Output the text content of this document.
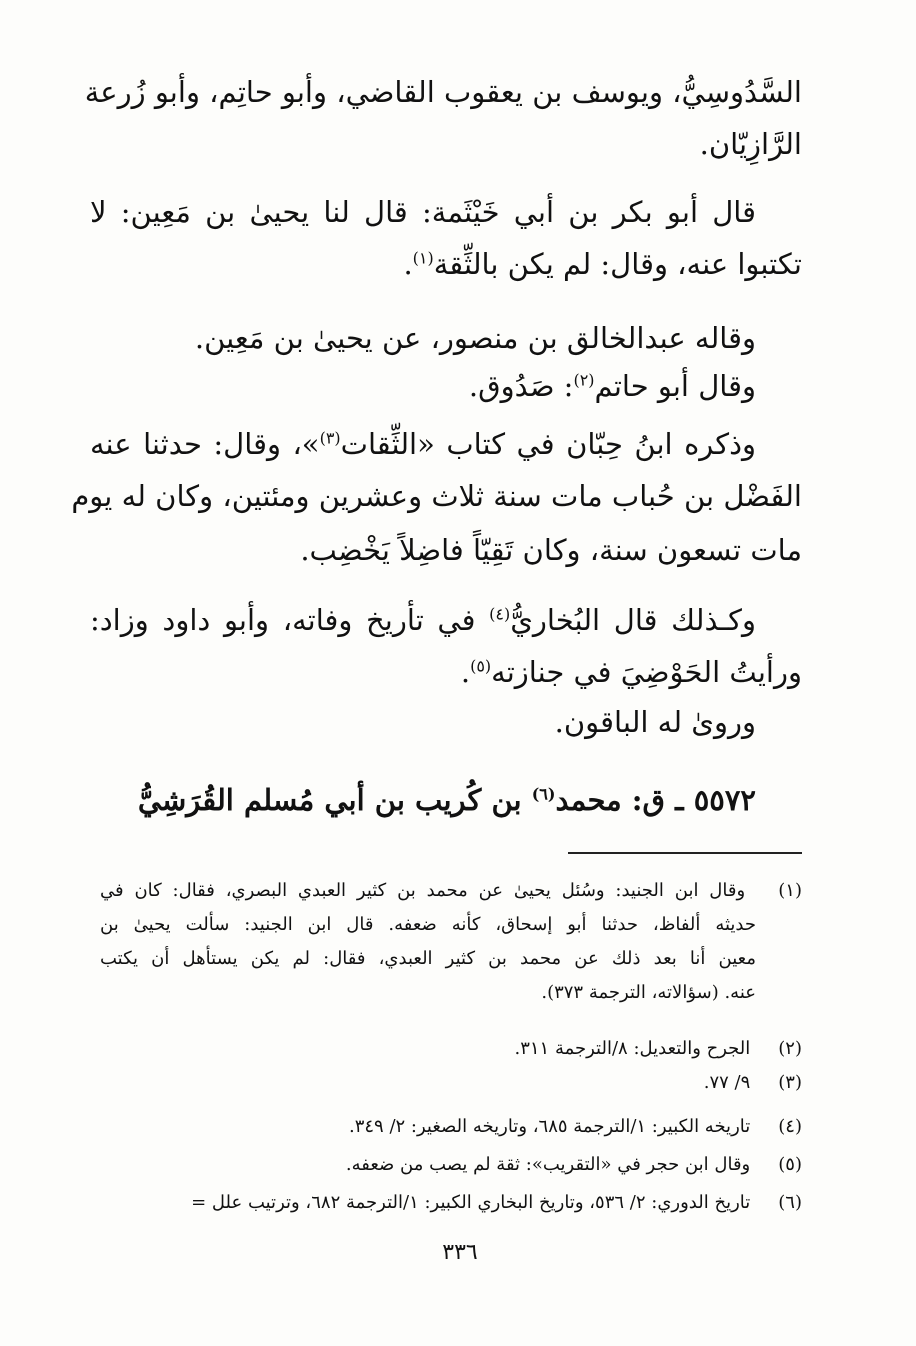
السَّدُوسِيُّ، ويوسف بن يعقوب القاضي، وأبو حاتِم، وأبو زُرعة
الرَّازِيّان.
قال أبو بكر بن أبي خَيْثَمة: قال لنا يحيىٰ بن مَعِين: لا
تكتبوا عنه، وقال: لم يكن بالثِّقة$^{(١)}$.
وقاله عبدالخالق بن منصور، عن يحيىٰ بن مَعِين.
وقال أبو حاتم$^{(٢)}$: صَدُوق.
وذكره ابنُ حِبّان في كتاب «الثِّقات$^{(٣)}$»، وقال: حدثنا عنه
الفَضْل بن حُباب مات سنة ثلاث وعشرين ومئتين، وكان له يوم
مات تسعون سنة، وكان تَقِيّاً فاضِلاً يَخْضِب.
وكـذلك قال البُخاريُّ$^{(٤)}$ في تأريخ وفاته، وأبو داود وزاد:
ورأيتُ الحَوْضِيَ في جنازته$^{(٥)}$.
وروىٰ له الباقون.
٥٥٧٢ ـ ق: محمد$^{(٦)}$ بن كُريب بن أبي مُسلم القُرَشِيُّ
(١) وقال ابن الجنيد: وسُئل يحيىٰ عن محمد بن كثير العبدي البصري، فقال: كان في
حديثه ألفاظ، حدثنا أبو إسحاق، كأنه ضعفه. قال ابن الجنيد: سألت يحيىٰ بن
معين أنا بعد ذلك عن محمد بن كثير العبدي، فقال: لم يكن يستأهل أن يكتب
عنه. (سؤالاته، الترجمة ٣٧٣).
(٢) الجرح والتعديل: ٨/الترجمة ٣١١.
(٣) ٩/ ٧٧.
(٤) تاريخه الكبير: ١/الترجمة ٦٨٥، وتاريخه الصغير: ٢/ ٣٤٩.
(٥) وقال ابن حجر في «التقريب»: ثقة لم يصب من ضعفه.
(٦) تاريخ الدوري: ٢/ ٥٣٦، وتاريخ البخاري الكبير: ١/الترجمة ٦٨٢، وترتيب علل =
٣٣٦
